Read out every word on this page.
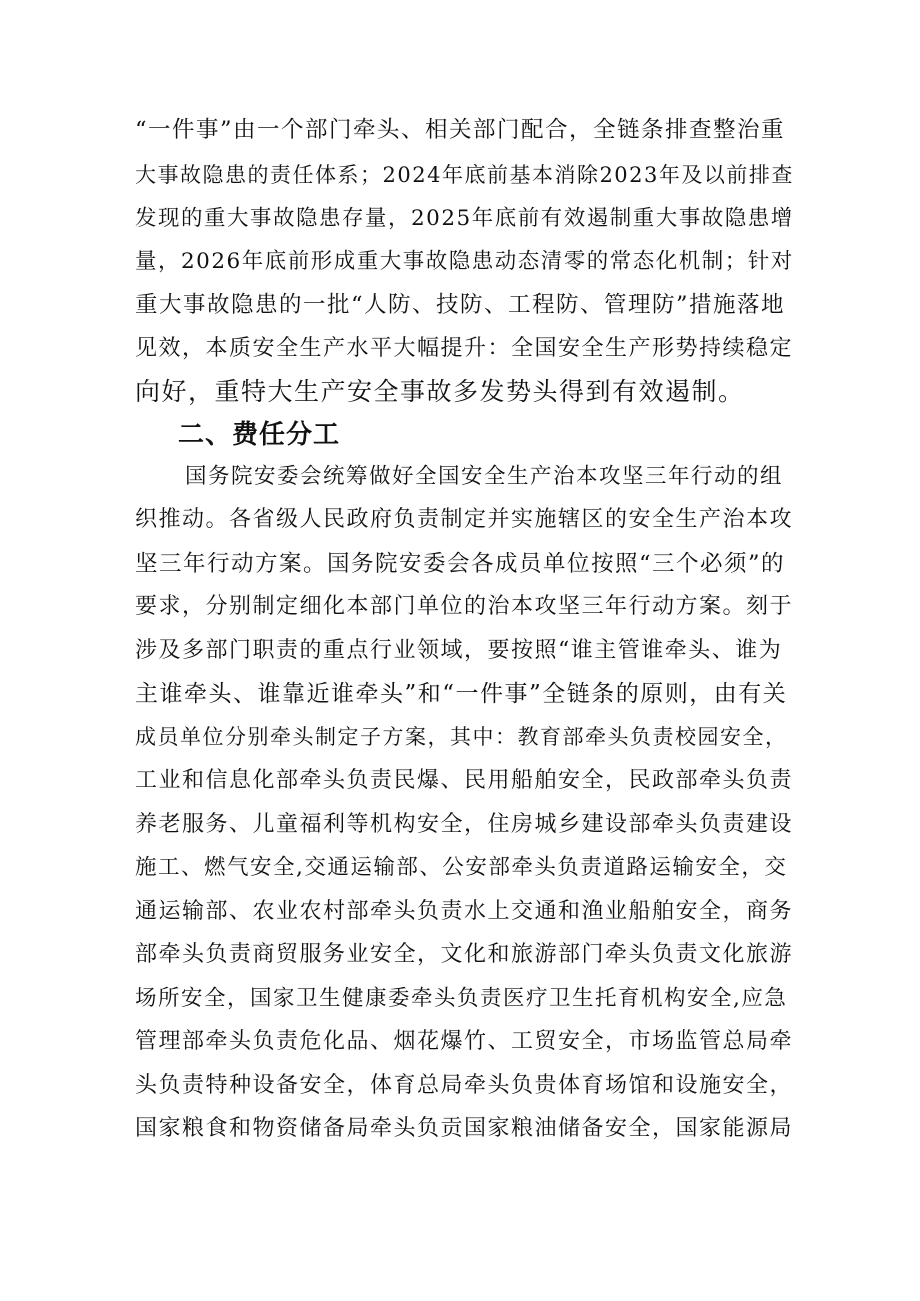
“一件事”由一个部门牵头、相关部门配合，全链条排查整治重
大事故隐患的责任体系；2024年底前基本消除2023年及以前排查
发现的重大事故隐患存量，2025年底前有效遏制重大事故隐患增
量，2026年底前形成重大事故隐患动态清零的常态化机制；针对
重大事故隐患的一批“人防、技防、工程防、管理防”措施落地
见效，本质安全生产水平大幅提升：全国安全生产形势持续稳定
向好，重特大生产安全事故多发势头得到有效遏制。
二、费任分工
国务院安委会统筹做好全国安全生产治本攻坚三年行动的组
织推动。各省级人民政府负责制定并实施辖区的安全生产治本攻
坚三年行动方案。国务院安委会各成员单位按照“三个必须”的
要求，分别制定细化本部门单位的治本攻坚三年行动方案。刻于
涉及多部门职责的重点行业领域，要按照“谁主管谁牵头、谁为
主谁牵头、谁靠近谁牵头”和“一件事”全链条的原则，由有关
成员单位分别牵头制定子方案，其中：教育部牵头负责校园安全，
工业和信息化部牵头负责民爆、民用船舶安全，民政部牵头负责
养老服务、儿童福利等机构安全，住房城乡建设部牵头负责建设
施工、燃气安全,交通运输部、公安部牵头负责道路运输安全，交
通运输部、农业农村部牵头负责水上交通和渔业船舶安全，商务
部牵头负责商贸服务业安全，文化和旅游部门牵头负责文化旅游
场所安全，国家卫生健康委牵头负责医疗卫生托育机构安全,应急
管理部牵头负责危化品、烟花爆竹、工贸安全，市场监管总局牵
头负责特种设备安全，体育总局牵头负贵体育场馆和设施安全，
国家粮食和物资储备局牵头负贡国家粮油储备安全，国家能源局
